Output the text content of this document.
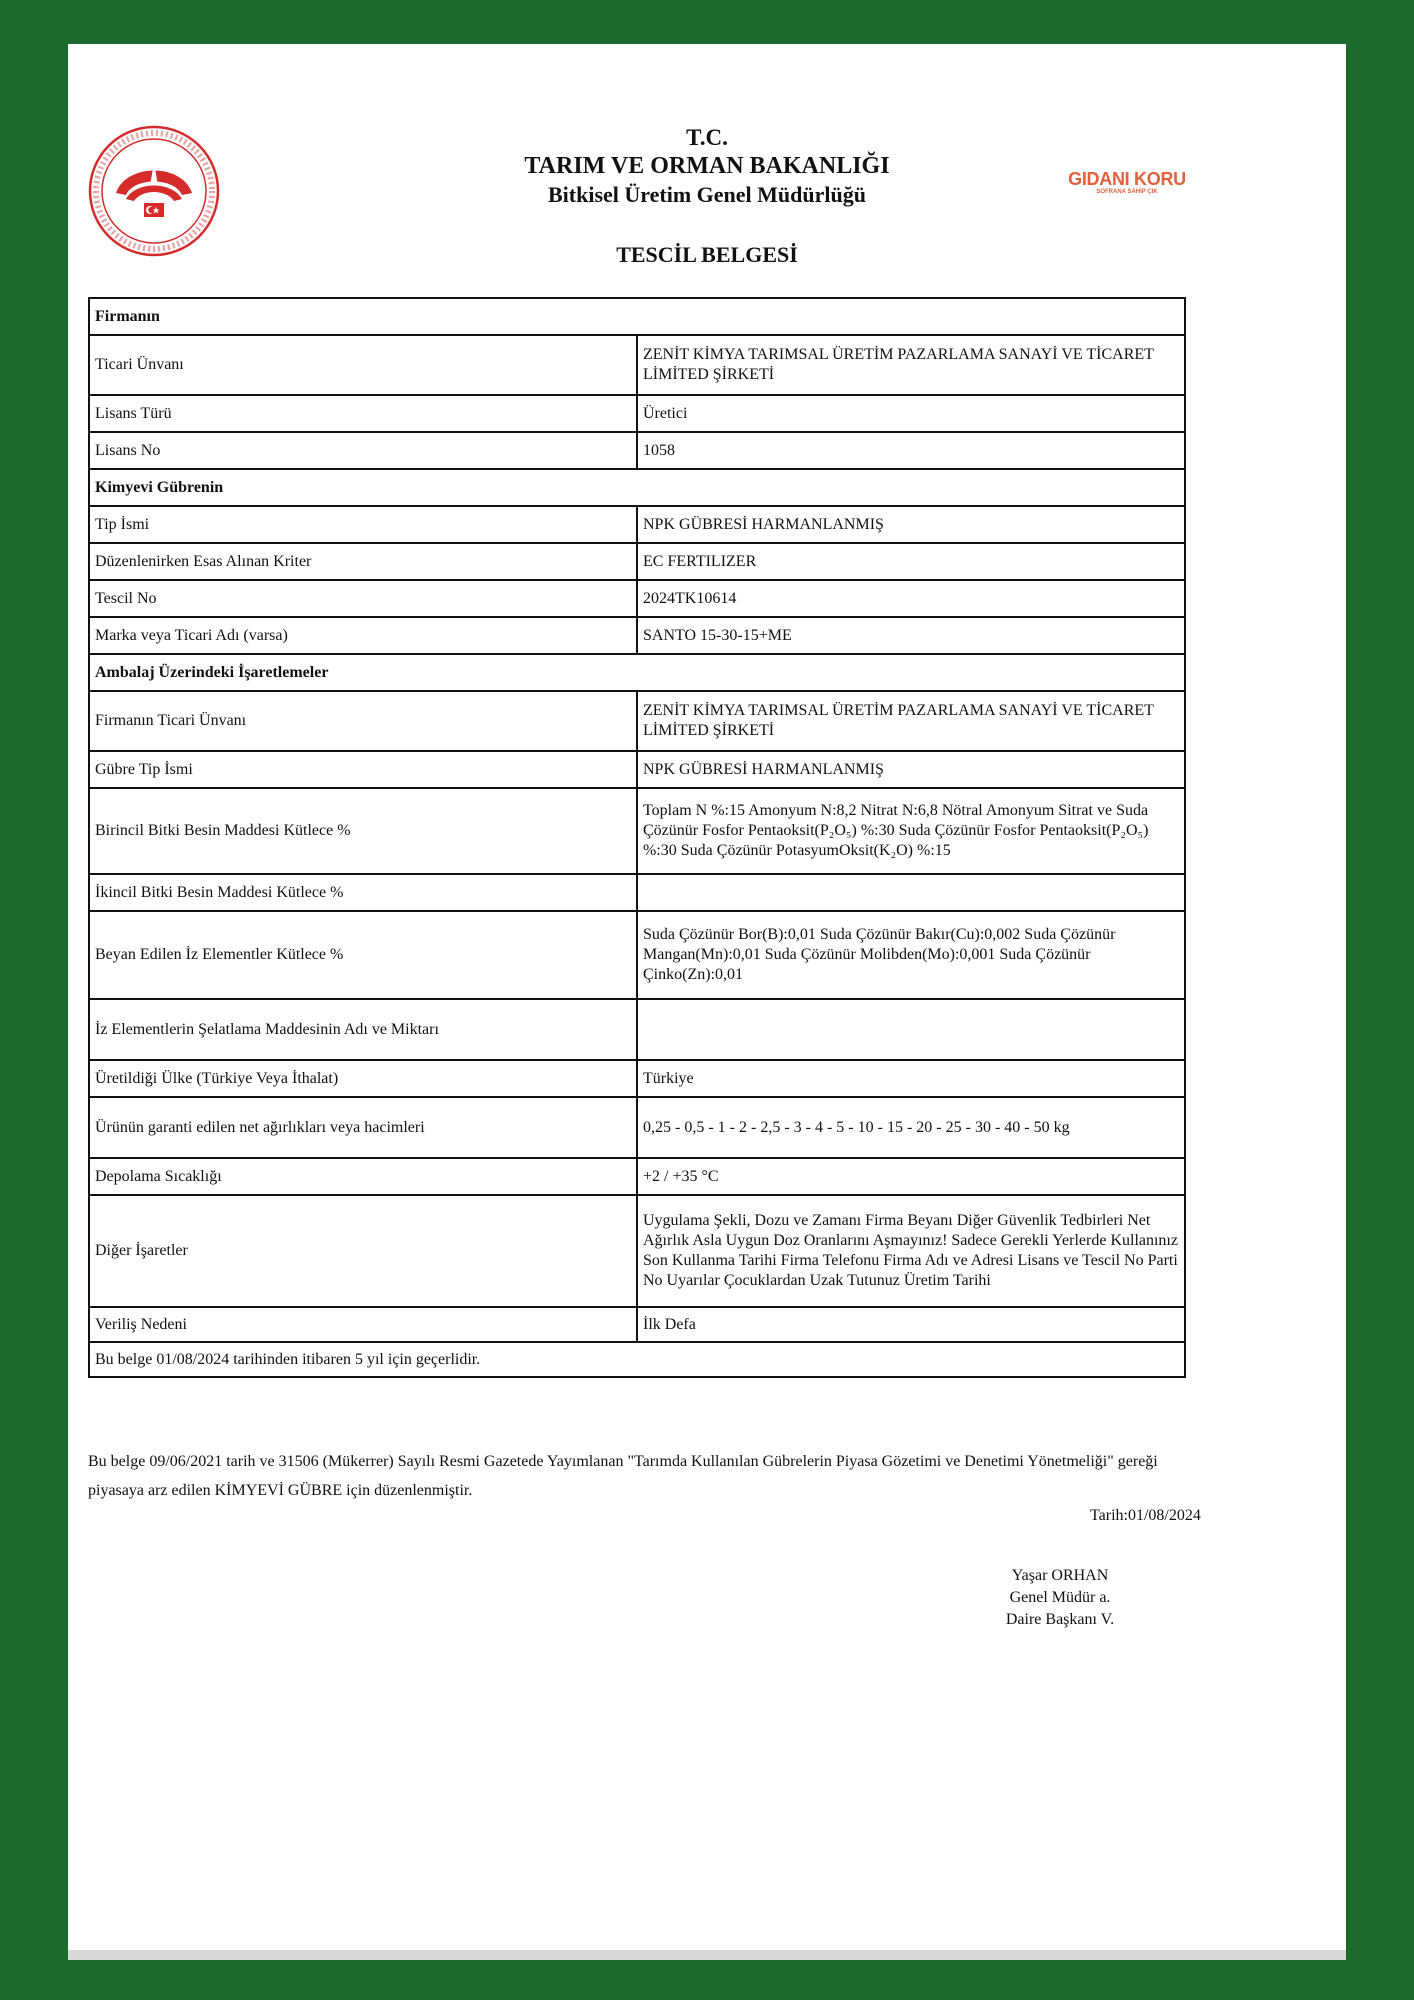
T.C.
TARIM VE ORMAN BAKANLIĞI
Bitkisel Üretim Genel Müdürlüğü
TESCİL BELGESİ
GIDANI KORU
SOFRANA SAHİP ÇIK
Firmanın	
Ticari Ünvanı	ZENİT KİMYA TARIMSAL ÜRETİM PAZARLAMA SANAYİ VE TİCARET LİMİTED ŞİRKETİ
Lisans Türü	Üretici
Lisans No	1058
Kimyevi Gübrenin	
Tip İsmi	NPK GÜBRESİ HARMANLANMIŞ
Düzenlenirken Esas Alınan Kriter	EC FERTILIZER
Tescil No	2024TK10614
Marka veya Ticari Adı (varsa)	SANTO 15-30-15+ME
Ambalaj Üzerindeki İşaretlemeler	
Firmanın Ticari Ünvanı	ZENİT KİMYA TARIMSAL ÜRETİM PAZARLAMA SANAYİ VE TİCARET LİMİTED ŞİRKETİ
Gübre Tip İsmi	NPK GÜBRESİ HARMANLANMIŞ
Birincil Bitki Besin Maddesi Kütlece %	Toplam N %:15 Amonyum N:8,2 Nitrat N:6,8 Nötral Amonyum Sitrat ve Suda Çözünür Fosfor Pentaoksit(P₂O₅) %:30 Suda Çözünür Fosfor Pentaoksit(P₂O₅) %:30 Suda Çözünür PotasyumOksit(K₂O) %:15
İkincil Bitki Besin Maddesi Kütlece %	
Beyan Edilen İz Elementler Kütlece %	Suda Çözünür Bor(B):0,01 Suda Çözünür Bakır(Cu):0,002 Suda Çözünür Mangan(Mn):0,01 Suda Çözünür Molibden(Mo):0,001 Suda Çözünür Çinko(Zn):0,01
İz Elementlerin Şelatlama Maddesinin Adı ve Miktarı	
Üretildiği Ülke (Türkiye Veya İthalat)	Türkiye
Ürünün garanti edilen net ağırlıkları veya hacimleri	0,25 - 0,5 - 1 - 2 - 2,5 - 3 - 4 - 5 - 10 - 15 - 20 - 25 - 30 - 40 - 50 kg
Depolama Sıcaklığı	+2 / +35 °C
Diğer İşaretler	Uygulama Şekli, Dozu ve Zamanı Firma Beyanı Diğer Güvenlik Tedbirleri Net Ağırlık Asla Uygun Doz Oranlarını Aşmayınız! Sadece Gerekli Yerlerde Kullanınız Son Kullanma Tarihi Firma Telefonu Firma Adı ve Adresi Lisans ve Tescil No Parti No Uyarılar Çocuklardan Uzak Tutunuz Üretim Tarihi
Veriliş Nedeni	İlk Defa
Bu belge 01/08/2024 tarihinden itibaren 5 yıl için geçerlidir.	
Bu belge 09/06/2021 tarih ve 31506 (Mükerrer) Sayılı Resmi Gazetede Yayımlanan "Tarımda Kullanılan Gübrelerin Piyasa Gözetimi ve Denetimi Yönetmeliği" gereği piyasaya arz edilen KİMYEVİ GÜBRE için düzenlenmiştir.
Tarih:01/08/2024
Yaşar ORHAN
Genel Müdür a.
Daire Başkanı V.
